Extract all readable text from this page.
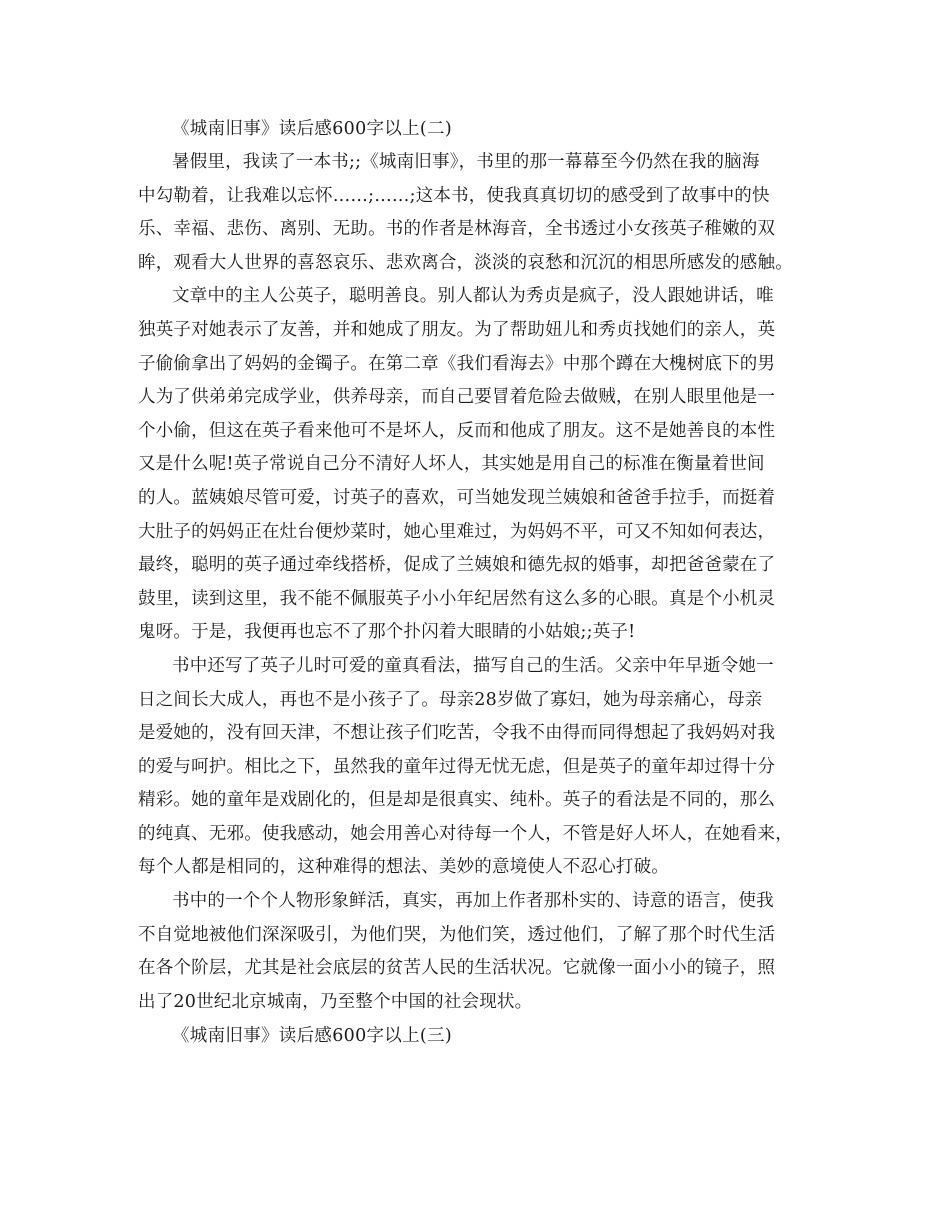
《城南旧事》读后感600字以上(二)
暑假里，我读了一本书;;《城南旧事》，书里的那一幕幕至今仍然在我的脑海
中勾勒着，让我难以忘怀……;……;这本书，使我真真切切的感受到了故事中的快
乐、幸福、悲伤、离别、无助。书的作者是林海音，全书透过小女孩英子稚嫩的双
眸，观看大人世界的喜怒哀乐、悲欢离合，淡淡的哀愁和沉沉的相思所感发的感触。
文章中的主人公英子，聪明善良。别人都认为秀贞是疯子，没人跟她讲话，唯
独英子对她表示了友善，并和她成了朋友。为了帮助妞儿和秀贞找她们的亲人，英
子偷偷拿出了妈妈的金镯子。在第二章《我们看海去》中那个蹲在大槐树底下的男
人为了供弟弟完成学业，供养母亲，而自己要冒着危险去做贼，在别人眼里他是一
个小偷，但这在英子看来他可不是坏人，反而和他成了朋友。这不是她善良的本性
又是什么呢!英子常说自己分不清好人坏人，其实她是用自己的标准在衡量着世间
的人。蓝姨娘尽管可爱，讨英子的喜欢，可当她发现兰姨娘和爸爸手拉手，而挺着
大肚子的妈妈正在灶台便炒菜时，她心里难过，为妈妈不平，可又不知如何表达，
最终，聪明的英子通过牵线搭桥，促成了兰姨娘和德先叔的婚事，却把爸爸蒙在了
鼓里，读到这里，我不能不佩服英子小小年纪居然有这么多的心眼。真是个小机灵
鬼呀。于是，我便再也忘不了那个扑闪着大眼睛的小姑娘;;英子!
书中还写了英子儿时可爱的童真看法，描写自己的生活。父亲中年早逝令她一
日之间长大成人，再也不是小孩子了。母亲28岁做了寡妇，她为母亲痛心，母亲
是爱她的，没有回天津，不想让孩子们吃苦，令我不由得而同得想起了我妈妈对我
的爱与呵护。相比之下，虽然我的童年过得无忧无虑，但是英子的童年却过得十分
精彩。她的童年是戏剧化的，但是却是很真实、纯朴。英子的看法是不同的，那么
的纯真、无邪。使我感动，她会用善心对待每一个人，不管是好人坏人，在她看来，
每个人都是相同的，这种难得的想法、美妙的意境使人不忍心打破。
书中的一个个人物形象鲜活，真实，再加上作者那朴实的、诗意的语言，使我
不自觉地被他们深深吸引，为他们哭，为他们笑，透过他们，了解了那个时代生活
在各个阶层，尤其是社会底层的贫苦人民的生活状况。它就像一面小小的镜子，照
出了20世纪北京城南，乃至整个中国的社会现状。
《城南旧事》读后感600字以上(三)
